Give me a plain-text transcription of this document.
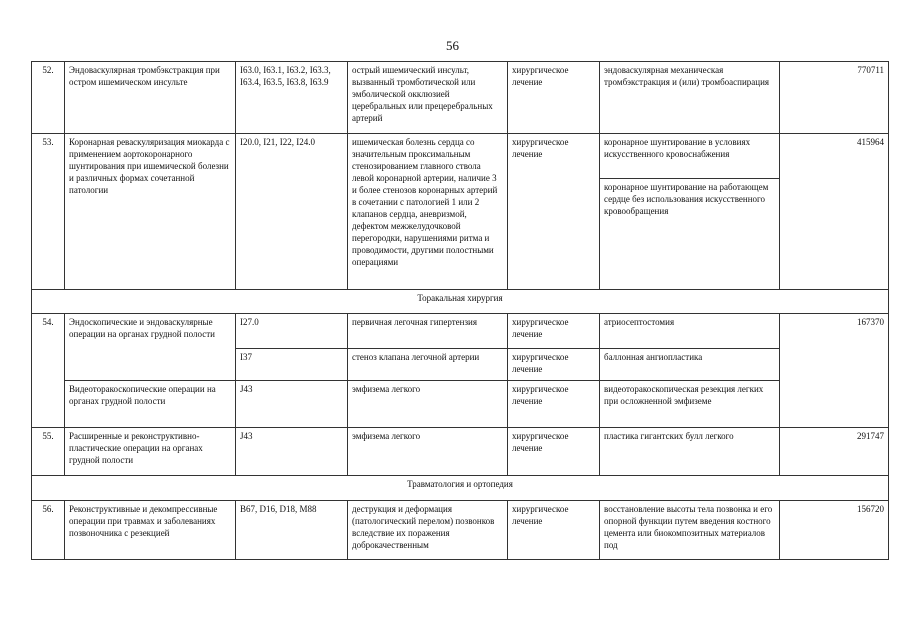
56
52.	Эндоваскулярная тромбэкстракция при остром ишемическом инсульте	I63.0, I63.1, I63.2, I63.3, I63.4, I63.5, I63.8, I63.9	острый ишемический инсульт, вызванный тромботической или эмболической окклюзией церебральных или прецеребральных артерий	хирургическое лечение	эндоваскулярная механическая тромбэкстракция и (или) тромбоаспирация	770711
53.	Коронарная реваскуляризация миокарда с применением аортокоронарного шунтирования при ишемической болезни и различных формах сочетанной патологии	I20.0, I21, I22, I24.0	ишемическая болезнь сердца со значительным проксимальным стенозированием главного ствола левой коронарной артерии, наличие 3 и более стенозов коронарных артерий в сочетании с патологией 1 или 2 клапанов сердца, аневризмой, дефектом межжелудочковой перегородки, нарушениями ритма и проводимости, другими полостными операциями	хирургическое лечение	коронарное шунтирование в условиях искусственного кровоснабжения	415964
					коронарное шунтирование на работающем сердце без использования искусственного кровообращения	
Торакальная хирургия						
54.	Эндоскопические и эндоваскулярные операции на органах грудной полости	I27.0	первичная легочная гипертензия	хирургическое лечение	атриосептостомия	167370
		I37	стеноз клапана легочной артерии	хирургическое лечение	баллонная ангиопластика	
	Видеоторакоскопические операции на органах грудной полости	J43	эмфизема легкого	хирургическое лечение	видеоторакоскопическая резекция легких при осложненной эмфиземе	
55.	Расширенные и реконструктивно-пластические операции на органах грудной полости	J43	эмфизема легкого	хирургическое лечение	пластика гигантских булл легкого	291747
Травматология и ортопедия						
56.	Реконструктивные и декомпрессивные операции при травмах и заболеваниях позвоночника с резекцией	B67, D16, D18, M88	деструкция и деформация (патологический перелом) позвонков вследствие их поражения доброкачественным	хирургическое лечение	восстановление высоты тела позвонка и его опорной функции путем введения костного цемента или биокомпозитных материалов под	156720
